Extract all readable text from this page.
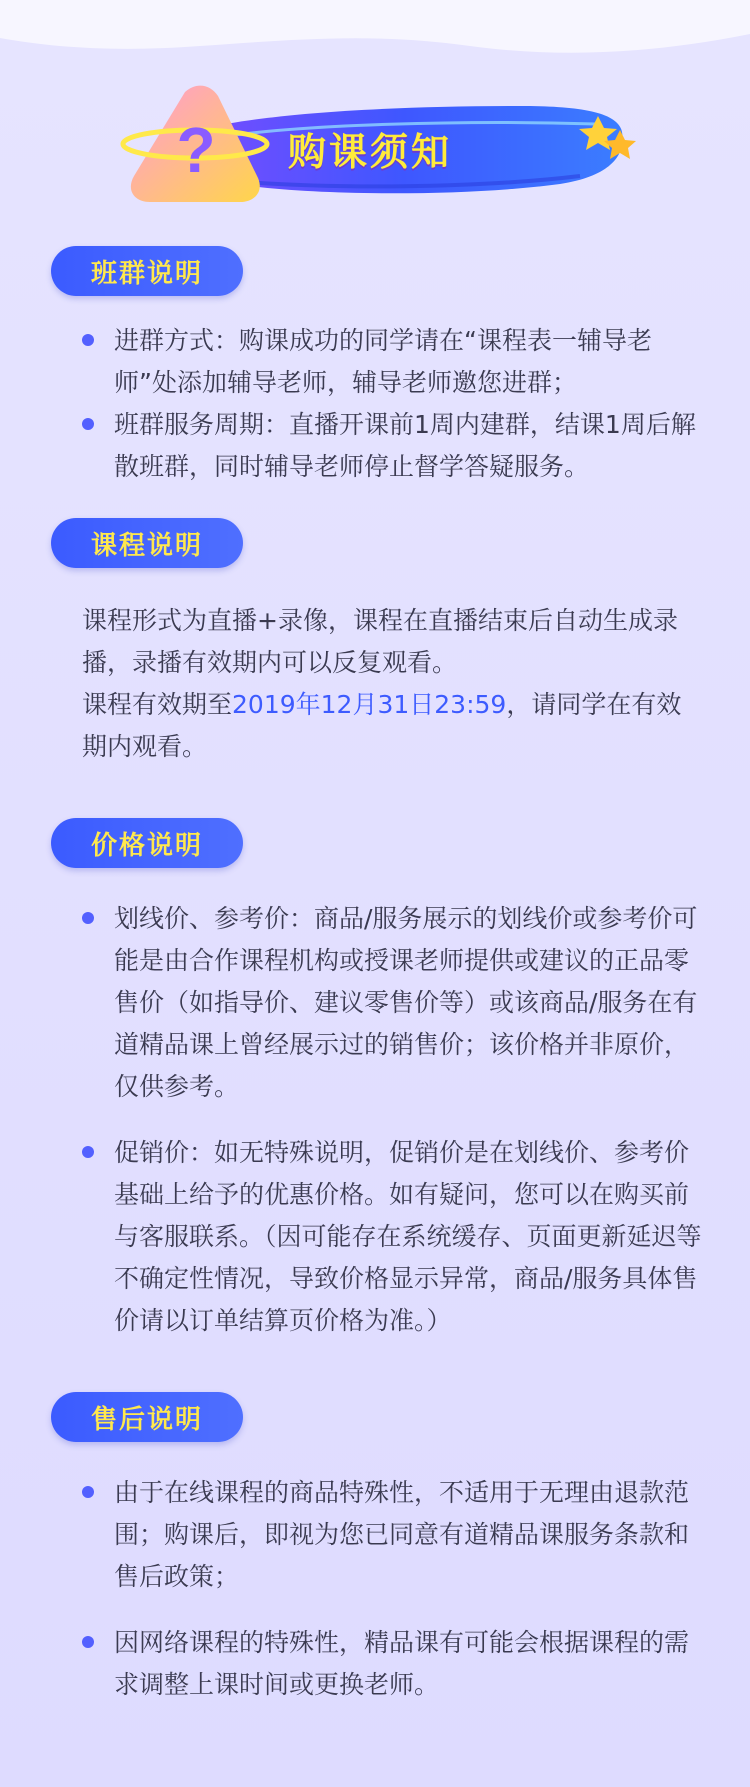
?	购课须知
班群说明
进群方式：购课成功的同学请在“课程表一辅导老师”处添加辅导老师，辅导老师邀您进群；
班群服务周期：直播开课前1周内建群，结课1周后解散班群，同时辅导老师停止督学答疑服务。
课程说明
课程形式为直播+录像，课程在直播结束后自动生成录播，录播有效期内可以反复观看。
课程有效期至2019年12月31日23:59，请同学在有效期内观看。
价格说明
划线价、参考价：商品/服务展示的划线价或参考价可能是由合作课程机构或授课老师提供或建议的正品零售价（如指导价、建议零售价等）或该商品/服务在有道精品课上曾经展示过的销售价；该价格并非原价，仅供参考。
促销价：如无特殊说明，促销价是在划线价、参考价基础上给予的优惠价格。如有疑问，您可以在购买前与客服联系。（因可能存在系统缓存、页面更新延迟等不确定性情况，导致价格显示异常，商品/服务具体售价请以订单结算页价格为准。）
售后说明
由于在线课程的商品特殊性，不适用于无理由退款范围；购课后，即视为您已同意有道精品课服务条款和售后政策；
因网络课程的特殊性，精品课有可能会根据课程的需求调整上课时间或更换老师。
